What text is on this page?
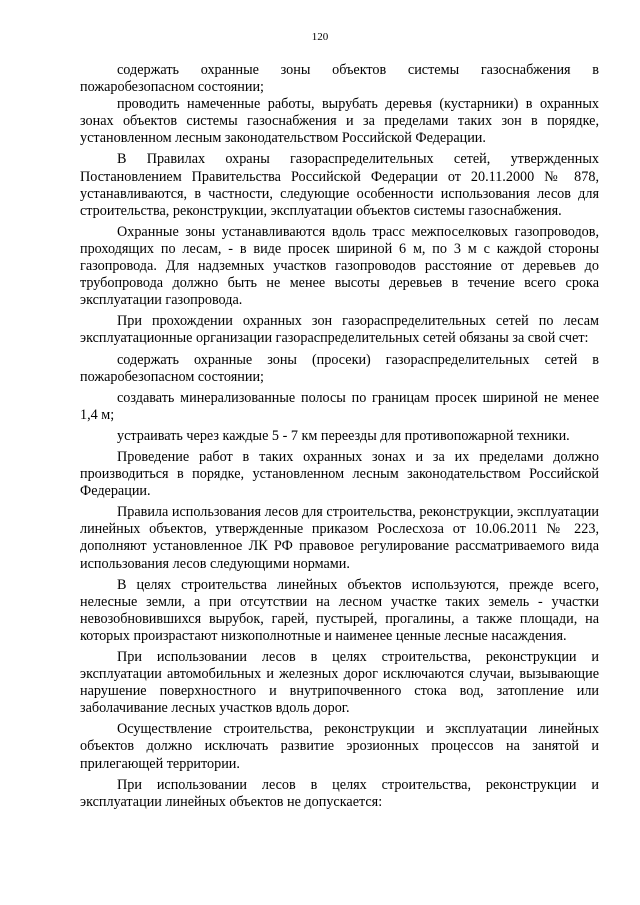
120

содержать охранные зоны объектов системы газоснабжения в пожаробезопасном состоянии;

проводить намеченные работы, вырубать деревья (кустарники) в охранных зонах объектов системы газоснабжения и за пределами таких зон в порядке, установленном лесным законодательством Российской Федерации.

В Правилах охраны газораспределительных сетей, утвержденных Постановлением Правительства Российской Федерации от 20.11.2000 № 878, устанавливаются, в частности, следующие особенности использования лесов для строительства, реконструкции, эксплуатации объектов системы газоснабжения.

Охранные зоны устанавливаются вдоль трасс межпоселковых газопроводов, проходящих по лесам, - в виде просек шириной 6 м, по 3 м с каждой стороны газопровода. Для надземных участков газопроводов расстояние от деревьев до трубопровода должно быть не менее высоты деревьев в течение всего срока эксплуатации газопровода.

При прохождении охранных зон газораспределительных сетей по лесам эксплуатационные организации газораспределительных сетей обязаны за свой счет:

содержать охранные зоны (просеки) газораспределительных сетей в пожаробезопасном состоянии;

создавать минерализованные полосы по границам просек шириной не менее 1,4 м;

устраивать через каждые 5 - 7 км переезды для противопожарной техники.

Проведение работ в таких охранных зонах и за их пределами должно производиться в порядке, установленном лесным законодательством Российской Федерации.

Правила использования лесов для строительства, реконструкции, эксплуатации линейных объектов, утвержденные приказом Рослесхоза от 10.06.2011 № 223, дополняют установленное ЛК РФ правовое регулирование рассматриваемого вида использования лесов следующими нормами.

В целях строительства линейных объектов используются, прежде всего, нелесные земли, а при отсутствии на лесном участке таких земель - участки невозобновившихся вырубок, гарей, пустырей, прогалины, а также площади, на которых произрастают низкополнотные и наименее ценные лесные насаждения.

При использовании лесов в целях строительства, реконструкции и эксплуатации автомобильных и железных дорог исключаются случаи, вызывающие нарушение поверхностного и внутрипочвенного стока вод, затопление или заболачивание лесных участков вдоль дорог.

Осуществление строительства, реконструкции и эксплуатации линейных объектов должно исключать развитие эрозионных процессов на занятой и прилегающей территории.

При использовании лесов в целях строительства, реконструкции и эксплуатации линейных объектов не допускается:
